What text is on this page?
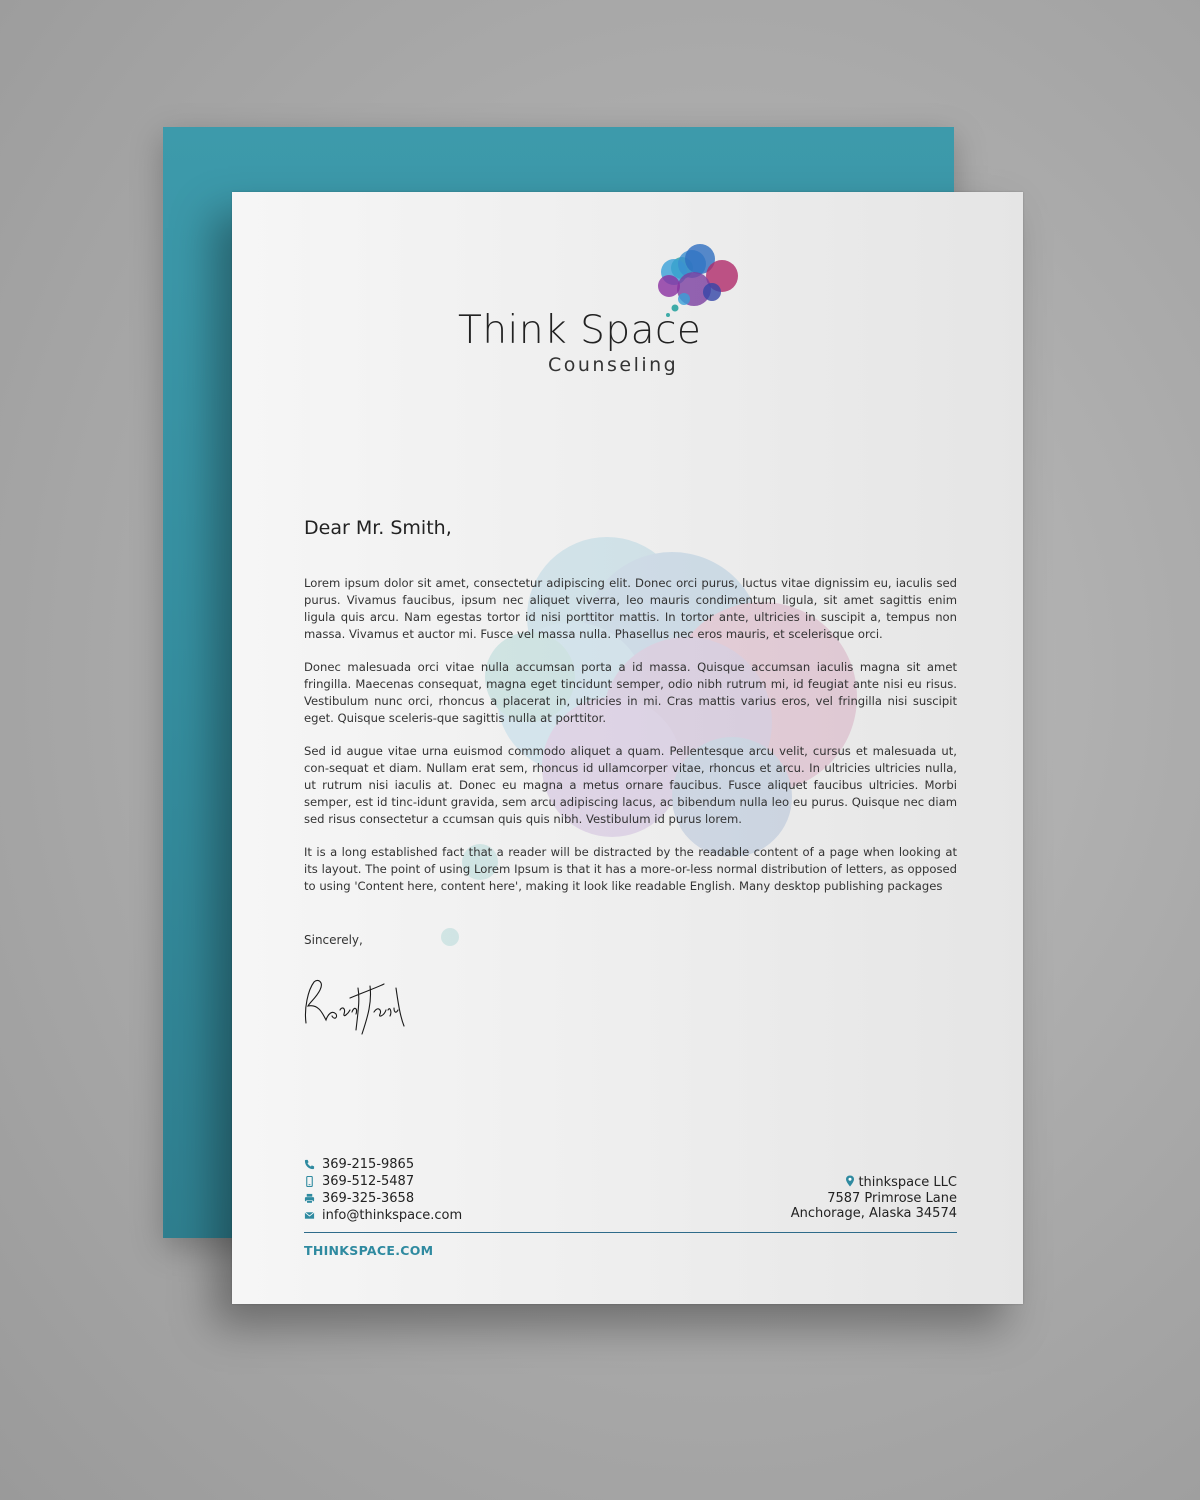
Think Space
Counseling
Dear Mr. Smith,

Lorem ipsum dolor sit amet, consectetur adipiscing elit. Donec orci purus, luctus vitae dignissim eu, iaculis sed purus. Vivamus faucibus, ipsum nec aliquet viverra, leo mauris condimentum ligula, sit amet sagittis enim ligula quis arcu. Nam egestas tortor id nisi porttitor mattis. In tortor ante, ultricies in suscipit a, tempus non massa. Vivamus et auctor mi. Fusce vel massa nulla. Phasellus nec eros mauris, et scelerisque orci.

Donec malesuada orci vitae nulla accumsan porta a id massa. Quisque accumsan iaculis magna sit amet fringilla. Maecenas consequat, magna eget tincidunt semper, odio nibh rutrum mi, id feugiat ante nisi eu risus. Vestibulum nunc orci, rhoncus a placerat in, ultricies in mi. Cras mattis varius eros, vel fringilla nisi suscipit eget. Quisque sceleris-que sagittis nulla at porttitor.

Sed id augue vitae urna euismod commodo aliquet a quam. Pellentesque arcu velit, cursus et malesuada ut, con-sequat et diam. Nullam erat sem, rhoncus id ullamcorper vitae, rhoncus et arcu. In ultricies ultricies nulla, ut rutrum nisi iaculis at. Donec eu magna a metus ornare faucibus. Fusce aliquet faucibus ultricies. Morbi semper, est id tinc-idunt gravida, sem arcu adipiscing lacus, ac bibendum nulla leo eu purus. Quisque nec diam sed risus consectetur a ccumsan quis quis nibh. Vestibulum id purus lorem.

It is a long established fact that a reader will be distracted by the readable content of a page when looking at its layout. The point of using Lorem Ipsum is that it has a more-or-less normal distribution of letters, as opposed to using 'Content here, content here', making it look like readable English. Many desktop publishing packages

Sincerely,
369-215-9865
369-512-5487
369-325-3658
info@thinkspace.com
thinkspace LLC
7587 Primrose Lane
Anchorage, Alaska 34574
THINKSPACE.COM
